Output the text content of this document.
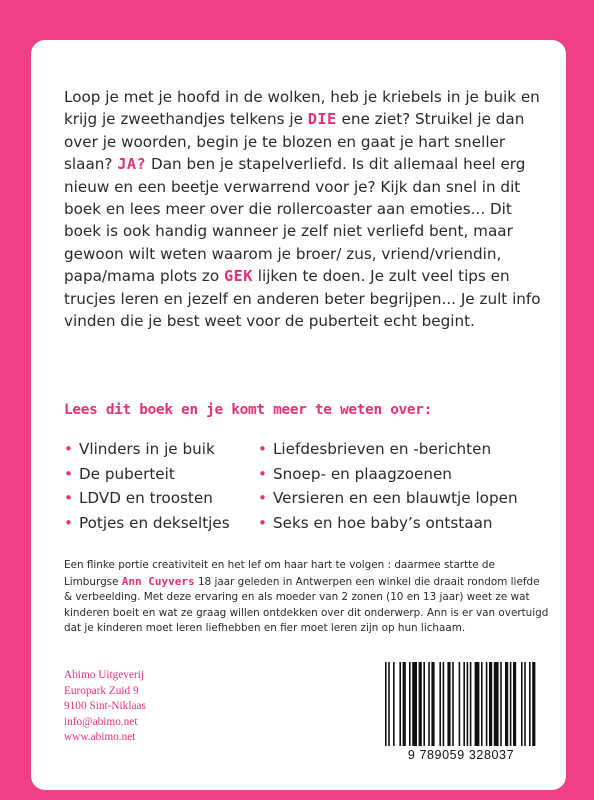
Loop je met je hoofd in de wolken, heb je kriebels in je buik en krijg je zweethandjes telkens je DIE ene ziet? Struikel je dan over je woorden, begin je te blozen en gaat je hart sneller slaan? JA? Dan ben je stapelverliefd. Is dit allemaal heel erg nieuw en een beetje verwarrend voor je? Kijk dan snel in dit boek en lees meer over die rollercoaster aan emoties... Dit boek is ook handig wanneer je zelf niet verliefd bent, maar gewoon wilt weten waarom je broer/ zus, vriend/vriendin, papa/mama plots zo GEK lijken te doen. Je zult veel tips en trucjes leren en jezelf en anderen beter begrijpen... Je zult info vinden die je best weet voor de puberteit echt begint.
Lees dit boek en je komt meer te weten over:
• Vlinders in je buik
• De puberteit
• LDVD en troosten
• Potjes en dekseltjes
• Liefdesbrieven en -berichten
• Snoep- en plaagzoenen
• Versieren en een blauwtje lopen
• Seks en hoe baby’s ontstaan
Een flinke portie creativiteit en het lef om haar hart te volgen : daarmee startte de Limburgse Ann Cuyvers 18 jaar geleden in Antwerpen een winkel die draait rondom liefde & verbeelding. Met deze ervaring en als moeder van 2 zonen (10 en 13 jaar) weet ze wat kinderen boeit en wat ze graag willen ontdekken over dit onderwerp. Ann is er van overtuigd dat je kinderen moet leren liefhebben en fier moet leren zijn op hun lichaam.
Abimo Uitgeverij
Europark Zuid 9
9100 Sint-Niklaas
info@abimo.net
www.abimo.net
9 789059 328037
